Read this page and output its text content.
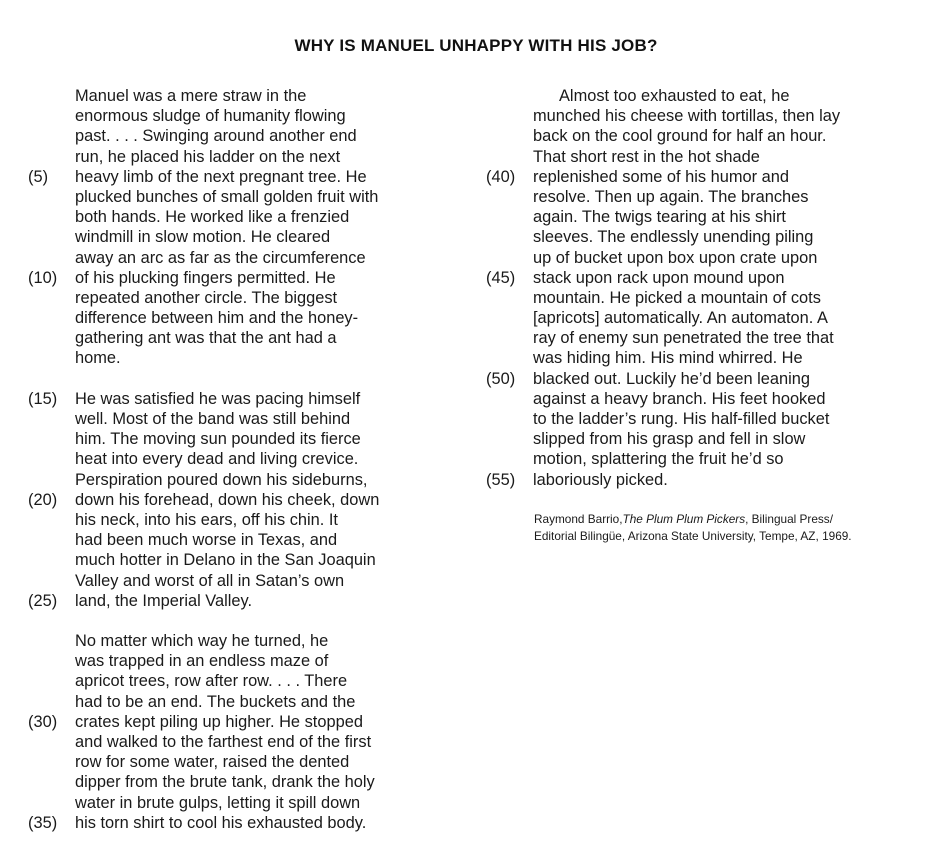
WHY IS MANUEL UNHAPPY WITH HIS JOB?
Manuel was a mere straw in the
enormous sludge of humanity flowing
past. . . . Swinging around another end
run, he placed his ladder on the next
(5) heavy limb of the next pregnant tree. He
plucked bunches of small golden fruit with
both hands. He worked like a frenzied
windmill in slow motion. He cleared
away an arc as far as the circumference
(10) of his plucking fingers permitted. He
repeated another circle. The biggest
difference between him and the honey-
gathering ant was that the ant had a
home.
(15) He was satisfied he was pacing himself
well. Most of the band was still behind
him. The moving sun pounded its fierce
heat into every dead and living crevice.
Perspiration poured down his sideburns,
(20) down his forehead, down his cheek, down
his neck, into his ears, off his chin. It
had been much worse in Texas, and
much hotter in Delano in the San Joaquin
Valley and worst of all in Satan’s own
(25) land, the Imperial Valley.
No matter which way he turned, he
was trapped in an endless maze of
apricot trees, row after row. . . . There
had to be an end. The buckets and the
(30) crates kept piling up higher. He stopped
and walked to the farthest end of the first
row for some water, raised the dented
dipper from the brute tank, drank the holy
water in brute gulps, letting it spill down
(35) his torn shirt to cool his exhausted body.
Almost too exhausted to eat, he
munched his cheese with tortillas, then lay
back on the cool ground for half an hour.
That short rest in the hot shade
(40) replenished some of his humor and
resolve. Then up again. The branches
again. The twigs tearing at his shirt
sleeves. The endlessly unending piling
up of bucket upon box upon crate upon
(45) stack upon rack upon mound upon
mountain. He picked a mountain of cots
[apricots] automatically. An automaton. A
ray of enemy sun penetrated the tree that
was hiding him. His mind whirred. He
(50) blacked out. Luckily he’d been leaning
against a heavy branch. His feet hooked
to the ladder’s rung. His half-filled bucket
slipped from his grasp and fell in slow
motion, splattering the fruit he’d so
(55) laboriously picked.
Raymond Barrio,The Plum Plum Pickers, Bilingual Press/
Editorial Bilingüe, Arizona State University, Tempe, AZ, 1969.
